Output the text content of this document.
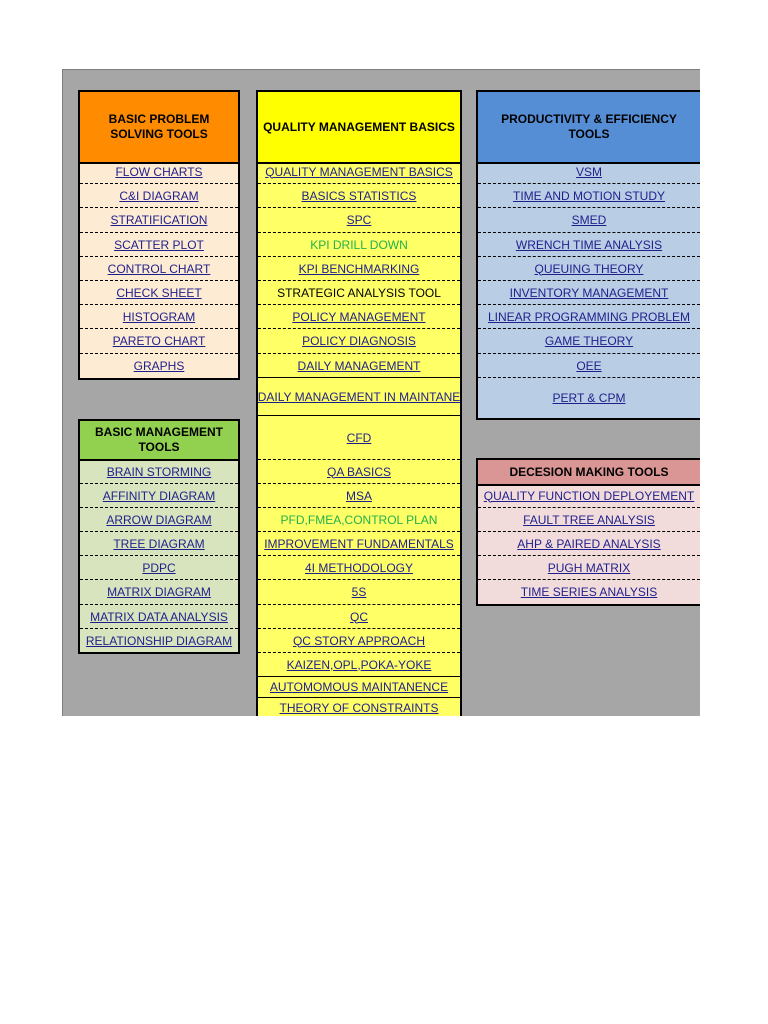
BASIC PROBLEM SOLVING TOOLS
FLOW CHARTS
C&I DIAGRAM
STRATIFICATION
SCATTER PLOT
CONTROL CHART
CHECK SHEET
HISTOGRAM
PARETO CHART
GRAPHS
BASIC MANAGEMENT TOOLS
BRAIN STORMING
AFFINITY DIAGRAM
ARROW DIAGRAM
TREE DIAGRAM
PDPC
MATRIX DIAGRAM
MATRIX DATA ANALYSIS
RELATIONSHIP DIAGRAM
QUALITY MANAGEMENT BASICS
QUALITY MANAGEMENT BASICS
BASICS STATISTICS
SPC
KPI DRILL DOWN
KPI BENCHMARKING
STRATEGIC ANALYSIS TOOL
POLICY MANAGEMENT
POLICY DIAGNOSIS
DAILY MANAGEMENT
DAILY MANAGEMENT IN MAINTANE
CFD
QA BASICS
MSA
PFD,FMEA,CONTROL PLAN
IMPROVEMENT FUNDAMENTALS
4I METHODOLOGY
5S
QC
QC STORY APPROACH
KAIZEN,OPL,POKA-YOKE
AUTOMOMOUS MAINTANENCE
THEORY OF CONSTRAINTS
PRODUCTIVITY & EFFICIENCY TOOLS
VSM
TIME AND MOTION STUDY
SMED
WRENCH TIME ANALYSIS
QUEUING THEORY
INVENTORY MANAGEMENT
LINEAR PROGRAMMING PROBLEM
GAME THEORY
OEE
PERT & CPM
DECESION MAKING TOOLS
QUALITY FUNCTION DEPLOYEMENT
FAULT TREE ANALYSIS
AHP & PAIRED ANALYSIS
PUGH MATRIX
TIME SERIES ANALYSIS
